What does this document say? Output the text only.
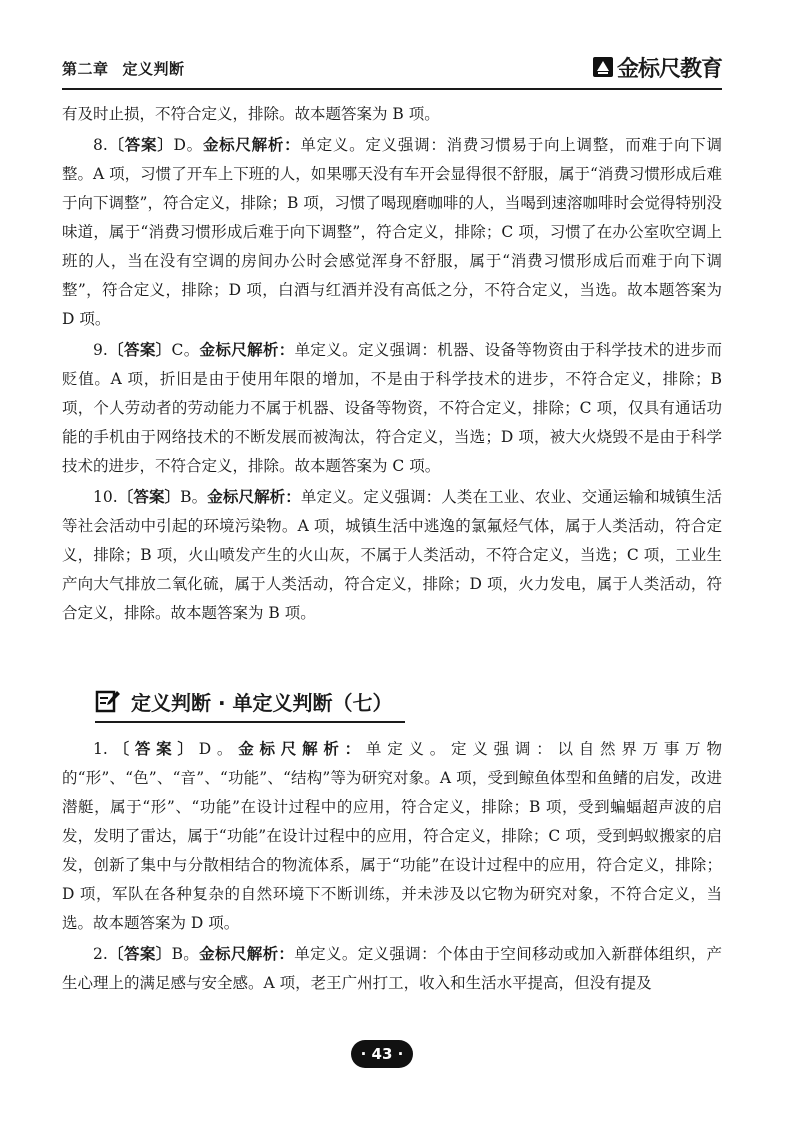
第二章 定义判断	金标尺教育

有及时止损，不符合定义，排除。故本题答案为 B 项。

8.〔答案〕D。金标尺解析：单定义。定义强调：消费习惯易于向上调整，而难于向下调整。A 项，习惯了开车上下班的人，如果哪天没有车开会显得很不舒服，属于“消费习惯形成后难于向下调整”，符合定义，排除；B 项，习惯了喝现磨咖啡的人，当喝到速溶咖啡时会觉得特别没味道，属于“消费习惯形成后难于向下调整”，符合定义，排除；C 项，习惯了在办公室吹空调上班的人，当在没有空调的房间办公时会感觉浑身不舒服，属于“消费习惯形成后而难于向下调整”，符合定义，排除；D 项，白酒与红酒并没有高低之分，不符合定义，当选。故本题答案为 D 项。

9.〔答案〕C。金标尺解析：单定义。定义强调：机器、设备等物资由于科学技术的进步而贬值。A 项，折旧是由于使用年限的增加，不是由于科学技术的进步，不符合定义，排除；B 项，个人劳动者的劳动能力不属于机器、设备等物资，不符合定义，排除；C 项，仅具有通话功能的手机由于网络技术的不断发展而被淘汰，符合定义，当选；D 项，被大火烧毁不是由于科学技术的进步，不符合定义，排除。故本题答案为 C 项。

10.〔答案〕B。金标尺解析：单定义。定义强调：人类在工业、农业、交通运输和城镇生活等社会活动中引起的环境污染物。A 项，城镇生活中逃逸的氯氟烃气体，属于人类活动，符合定义，排除；B 项，火山喷发产生的火山灰，不属于人类活动，不符合定义，当选；C 项，工业生产向大气排放二氧化硫，属于人类活动，符合定义，排除；D 项，火力发电，属于人类活动，符合定义，排除。故本题答案为 B 项。

定义判断 · 单定义判断（七）

1.〔答案〕D。金标尺解析：单定义。定义强调：以自然界万事万物的“形”、“色”、“音”、“功能”、“结构”等为研究对象。A 项，受到鲸鱼体型和鱼鳍的启发，改进潜艇，属于“形”、“功能”在设计过程中的应用，符合定义，排除；B 项，受到蝙蝠超声波的启发，发明了雷达，属于“功能”在设计过程中的应用，符合定义，排除；C 项，受到蚂蚁搬家的启发，创新了集中与分散相结合的物流体系，属于“功能”在设计过程中的应用，符合定义，排除；D 项，军队在各种复杂的自然环境下不断训练，并未涉及以它物为研究对象，不符合定义，当选。故本题答案为 D 项。

2.〔答案〕B。金标尺解析：单定义。定义强调：个体由于空间移动或加入新群体组织，产生心理上的满足感与安全感。A 项，老王广州打工，收入和生活水平提高，但没有提及

· 43 ·
